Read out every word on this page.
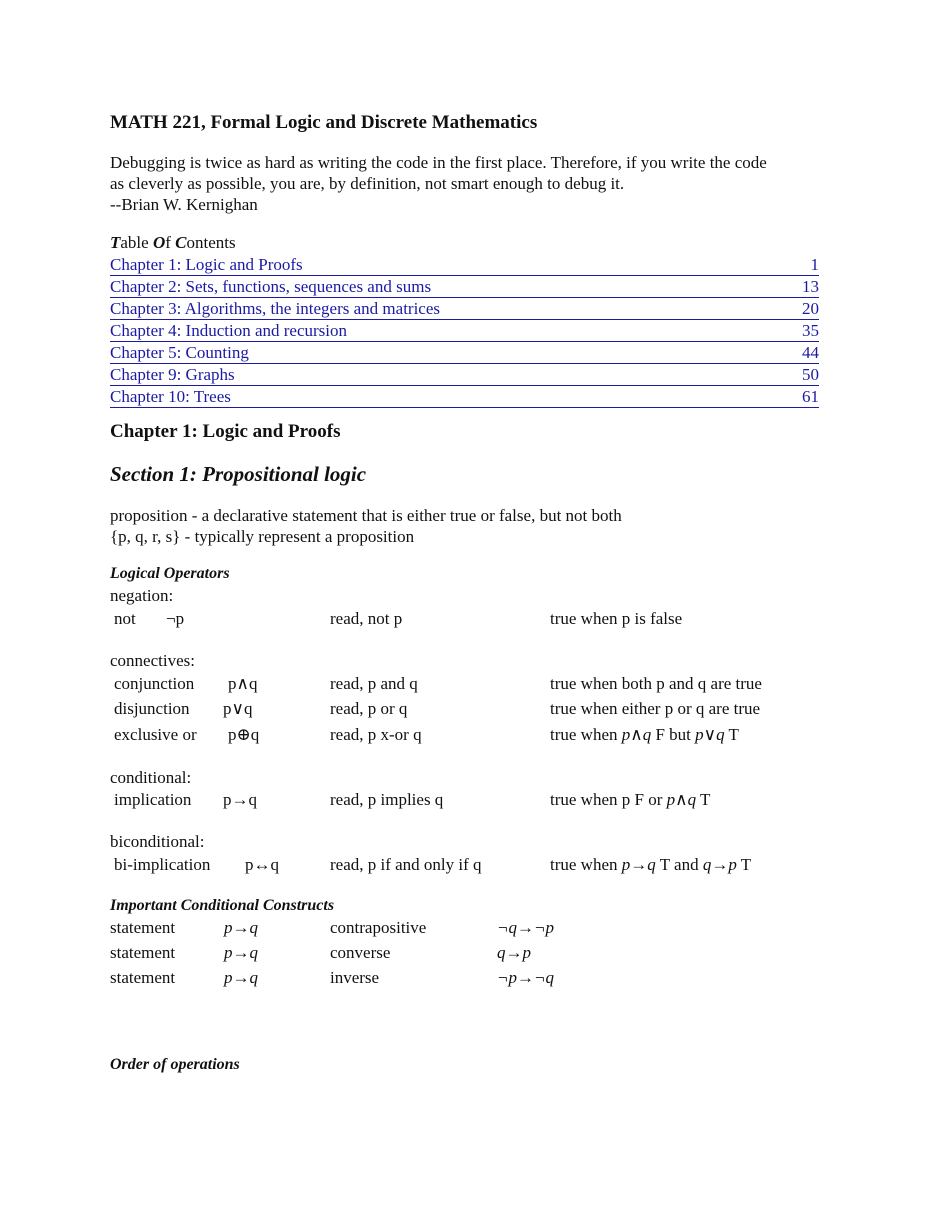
MATH 221, Formal Logic and Discrete Mathematics
Debugging is twice as hard as writing the code in the first place. Therefore, if you write the code
as cleverly as possible, you are, by definition, not smart enough to debug it.
--Brian W. Kernighan
Table Of Contents
Chapter 1: Logic and Proofs	1
Chapter 2: Sets, functions, sequences and sums	13
Chapter 3: Algorithms, the integers and matrices	20
Chapter 4: Induction and recursion	35
Chapter 5: Counting	44
Chapter 9: Graphs	50
Chapter 10: Trees	61
Chapter 1: Logic and Proofs
Section 1: Propositional logic
proposition - a declarative statement that is either true or false, but not both
{p, q, r, s} - typically represent a proposition
Logical Operators
negation:
not ¬p	read, not p	true when p is false
connectives:
conjunction p∧q	read, p and q	true when both p and q are true
disjunction p∨q	read, p or q	true when either p or q are true
exclusive or p⊕q	read, p x-or q	true when p∧q F but p∨q T
conditional:
implication p→q	read, p implies q	true when p F or p∧q T
biconditional:
bi-implication p↔q	read, p if and only if q	true when p→q T and q→p T
Important Conditional Constructs
statement	p→q	contrapositive	¬q→¬p
statement	p→q	converse	q→p
statement	p→q	inverse	¬p→¬q
Order of operations
